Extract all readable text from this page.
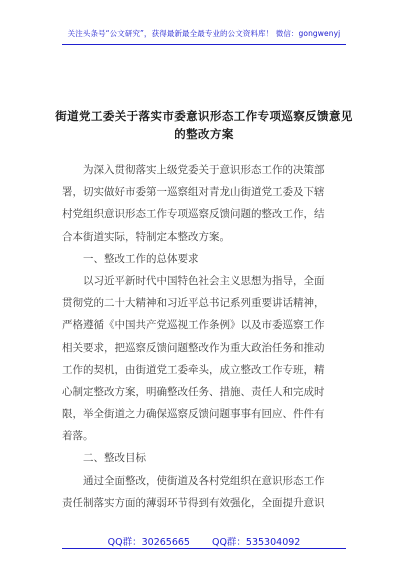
关注头条号“公文研究”，获得最新最全最专业的公文资料库！ 微信：gongwenyj
街道党工委关于落实市委意识形态工作专项巡察反馈意见
的整改方案
为深入贯彻落实上级党委关于意识形态工作的决策部
署，切实做好市委第一巡察组对青龙山街道党工委及下辖
村党组织意识形态工作专项巡察反馈问题的整改工作，结
合本街道实际，特制定本整改方案。
一、整改工作的总体要求
以习近平新时代中国特色社会主义思想为指导，全面
贯彻党的二十大精神和习近平总书记系列重要讲话精神，
严格遵循《中国共产党巡视工作条例》以及市委巡察工作
相关要求，把巡察反馈问题整改作为重大政治任务和推动
工作的契机，由街道党工委牵头，成立整改工作专班，精
心制定整改方案，明确整改任务、措施、责任人和完成时
限，举全街道之力确保巡察反馈问题事事有回应、件件有
着落。
二、整改目标
通过全面整改，使街道及各村党组织在意识形态工作
责任制落实方面的薄弱环节得到有效强化，全面提升意识
QQ群：30265665 QQ群：535304092
